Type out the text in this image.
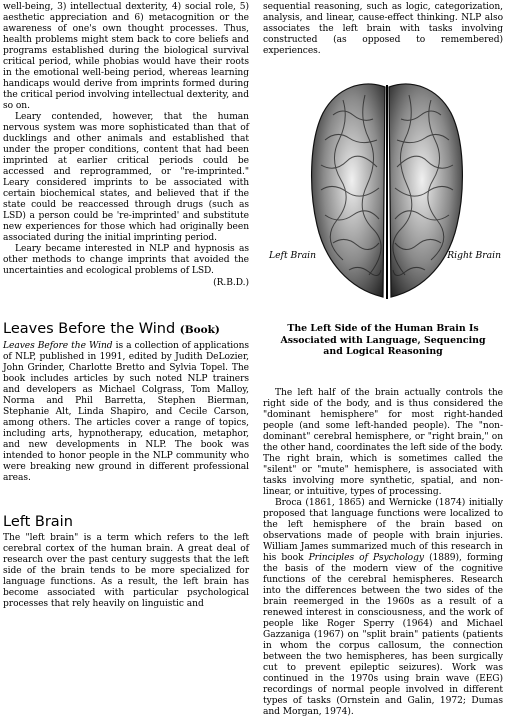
well-being, 3) intellectual dexterity, 4) social role, 5) aesthetic appreciation and 6) metacognition or the awareness of one's own thought processes. Thus, health problems might stem back to core beliefs and programs established during the biological survival critical period, while phobias would have their roots in the emotional well-being period, whereas learning handicaps would derive from imprints formed during the critical period involving intellectual dexterity, and so on.

Leary contended, however, that the human nervous system was more sophisticated than that of ducklings and other animals and established that under the proper conditions, content that had been imprinted at earlier critical periods could be accessed and reprogrammed, or "re-imprinted." Leary considered imprints to be associated with certain biochemical states, and believed that if the state could be reaccessed through drugs (such as LSD) a person could be 're-imprinted' and substitute new experiences for those which had originally been associated during the initial imprinting period.

Leary became interested in NLP and hypnosis as other methods to change imprints that avoided the uncertainties and ecological problems of LSD.

(R.B.D.)

Leaves Before the Wind (Book)

Leaves Before the Wind is a collection of applications of NLP, published in 1991, edited by Judith DeLozier, John Grinder, Charlotte Bretto and Sylvia Topel. The book includes articles by such noted NLP trainers and developers as Michael Colgrass, Tom Malloy, Norma and Phil Barretta, Stephen Bierman, Stephanie Alt, Linda Shapiro, and Cecile Carson, among others. The articles cover a range of topics, including arts, hypnotherapy, education, metaphor, and new developments in NLP. The book was intended to honor people in the NLP community who were breaking new ground in different professional areas.

Left Brain

The "left brain" is a term which refers to the left cerebral cortex of the human brain. A great deal of research over the past century suggests that the left side of the brain tends to be more specialized for language functions. As a result, the left brain has become associated with particular psychological processes that rely heavily on linguistic and

sequential reasoning, such as logic, categorization, analysis, and linear, cause-effect thinking. NLP also associates the left brain with tasks involving constructed (as opposed to remembered) experiences.

Left Brain	Right Brain
The Left Side of the Human Brain Is Associated with Language, Sequencing and Logical Reasoning

The left half of the brain actually controls the right side of the body, and is thus considered the "dominant hemisphere" for most right-handed people (and some left-handed people). The "non-dominant" cerebral hemisphere, or "right brain," on the other hand, coordinates the left side of the body. The right brain, which is sometimes called the "silent" or "mute" hemisphere, is associated with tasks involving more synthetic, spatial, and non-linear, or intuitive, types of processing.

Broca (1861, 1865) and Wernicke (1874) initially proposed that language functions were localized to the left hemisphere of the brain based on observations made of people with brain injuries. William James summarized much of this research in his book Principles of Psychology (1889), forming the basis of the modern view of the cognitive functions of the cerebral hemispheres. Research into the differences between the two sides of the brain reemerged in the 1960s as a result of a renewed interest in consciousness, and the work of people like Roger Sperry (1964) and Michael Gazzaniga (1967) on "split brain" patients (patients in whom the corpus callosum, the connection between the two hemispheres, has been surgically cut to prevent epileptic seizures). Work was continued in the 1970s using brain wave (EEG) recordings of normal people involved in different types of tasks (Ornstein and Galin, 1972; Dumas and Morgan, 1974).
